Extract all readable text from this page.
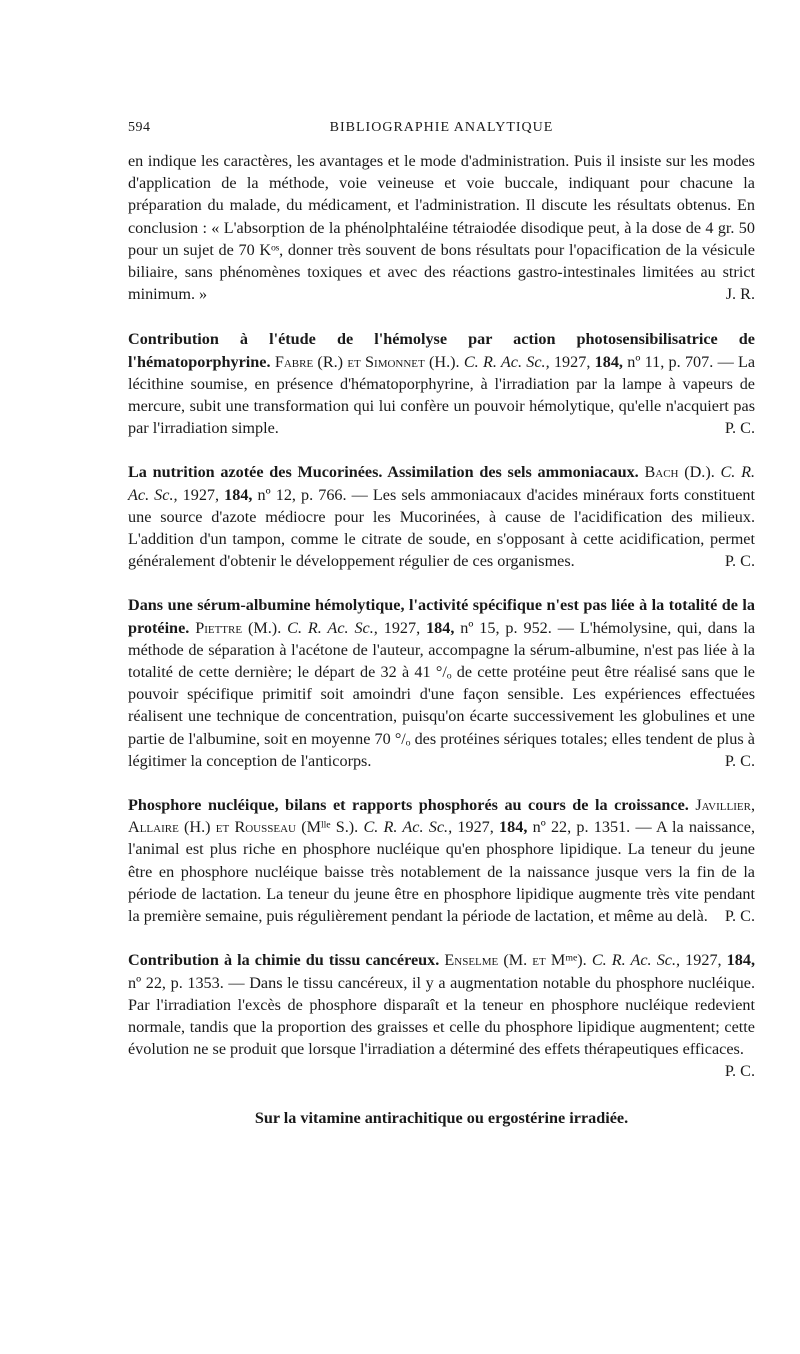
594	BIBLIOGRAPHIE ANALYTIQUE

en indique les caractères, les avantages et le mode d'administration. Puis il insiste sur les modes d'application de la méthode, voie veineuse et voie buccale, indiquant pour chacune la préparation du malade, du médicament, et l'administration. Il discute les résultats obtenus. En conclusion : « L'absorption de la phénolphtaléine tétraiodée disodique peut, à la dose de 4 gr. 50 pour un sujet de 70 Kᵒˢ, donner très souvent de bons résultats pour l'opacification de la vésicule biliaire, sans phénomènes toxiques et avec des réactions gastro-intestinales limitées au strict minimum. »	J. R.

Contribution à l'étude de l'hémolyse par action photosensibilisatrice de l'hématoporphyrine. Fabre (R.) et Simonnet (H.). C. R. Ac. Sc., 1927, 184, nº 11, p. 707. — La lécithine soumise, en présence d'hématoporphyrine, à l'irradiation par la lampe à vapeurs de mercure, subit une transformation qui lui confère un pouvoir hémolytique, qu'elle n'acquiert pas par l'irradiation simple.	P. C.

La nutrition azotée des Mucorinées. Assimilation des sels ammoniacaux. Bach (D.). C. R. Ac. Sc., 1927, 184, nº 12, p. 766. — Les sels ammoniacaux d'acides minéraux forts constituent une source d'azote médiocre pour les Mucorinées, à cause de l'acidification des milieux. L'addition d'un tampon, comme le citrate de soude, en s'opposant à cette acidification, permet généralement d'obtenir le développement régulier de ces organismes.	P. C.

Dans une sérum-albumine hémolytique, l'activité spécifique n'est pas liée à la totalité de la protéine. Piettre (M.). C. R. Ac. Sc., 1927, 184, nº 15, p. 952. — L'hémolysine, qui, dans la méthode de séparation à l'acétone de l'auteur, accompagne la sérum-albumine, n'est pas liée à la totalité de cette dernière; le départ de 32 à 41 °/ₒ de cette protéine peut être réalisé sans que le pouvoir spécifique primitif soit amoindri d'une façon sensible. Les expériences effectuées réalisent une technique de concentration, puisqu'on écarte successivement les globulines et une partie de l'albumine, soit en moyenne 70 °/ₒ des protéines sériques totales; elles tendent de plus à légitimer la conception de l'anticorps.	P. C.

Phosphore nucléique, bilans et rapports phosphorés au cours de la croissance. Javillier, Allaire (H.) et Rousseau (Mˡˡᵉ S.). C. R. Ac. Sc., 1927, 184, nº 22, p. 1351. — A la naissance, l'animal est plus riche en phosphore nucléique qu'en phosphore lipidique. La teneur du jeune être en phosphore nucléique baisse très notablement de la naissance jusque vers la fin de la période de lactation. La teneur du jeune être en phosphore lipidique augmente très vite pendant la première semaine, puis régulièrement pendant la période de lactation, et même au delà.	P. C.

Contribution à la chimie du tissu cancéreux. Enselme (M. et Mᵐᵉ). C. R. Ac. Sc., 1927, 184, nº 22, p. 1353. — Dans le tissu cancéreux, il y a augmentation notable du phosphore nucléique. Par l'irradiation l'excès de phosphore disparaît et la teneur en phosphore nucléique redevient normale, tandis que la proportion des graisses et celle du phosphore lipidique augmentent; cette évolution ne se produit que lorsque l'irradiation a déterminé des effets thérapeutiques efficaces.
P. C.

Sur la vitamine antirachitique ou ergostérine irradiée.
